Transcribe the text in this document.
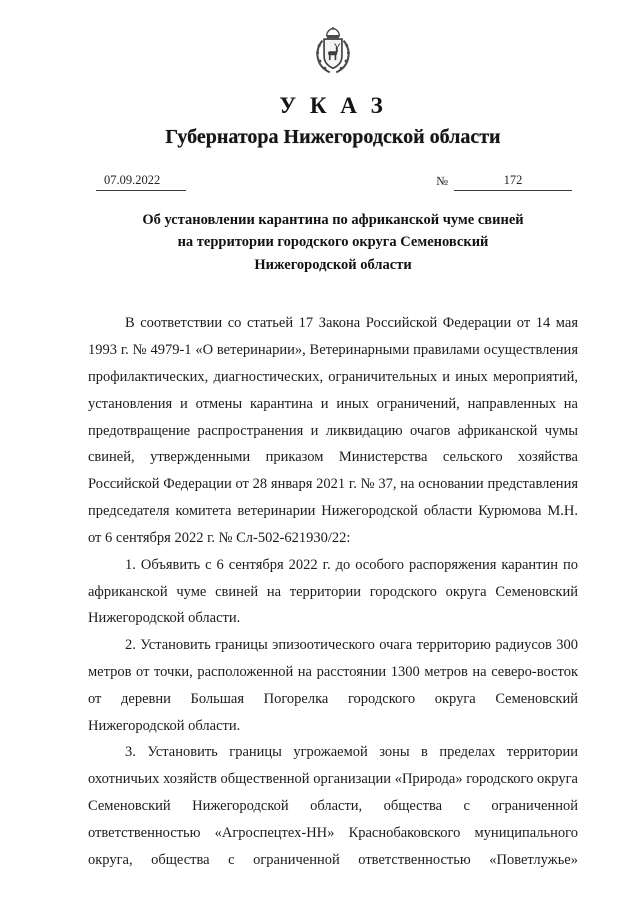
У К А З
Губернатора Нижегородской области
07.09.2022	№	172
Об установлении карантина по африканской чуме свиней
на территории городского округа Семеновский
Нижегородской области

В соответствии со статьей 17 Закона Российской Федерации от 14 мая 1993 г. № 4979-1 «О ветеринарии», Ветеринарными правилами осуществления профилактических, диагностических, ограничительных и иных мероприятий, установления и отмены карантина и иных ограничений, направленных на предотвращение распространения и ликвидацию очагов африканской чумы свиней, утвержденными приказом Министерства сельского хозяйства Российской Федерации от 28 января 2021 г. № 37, на основании представления председателя комитета ветеринарии Нижегородской области Курюмова М.Н. от 6 сентября 2022 г. № Сл-502-621930/22:

1. Объявить с 6 сентября 2022 г. до особого распоряжения карантин по африканской чуме свиней на территории городского округа Семеновский Нижегородской области.

2. Установить границы эпизоотического очага территорию радиусов 300 метров от точки, расположенной на расстоянии 1300 метров на северо-восток от деревни Большая Погорелка городского округа Семеновский Нижегородской области.

3. Установить границы угрожаемой зоны в пределах территории охотничьих хозяйств общественной организации «Природа» городского округа Семеновский Нижегородской области, общества с ограниченной ответственностью «Агроспецтех-НН» Краснобаковского муниципального округа, общества с ограниченной ответственностью «Поветлужье»
